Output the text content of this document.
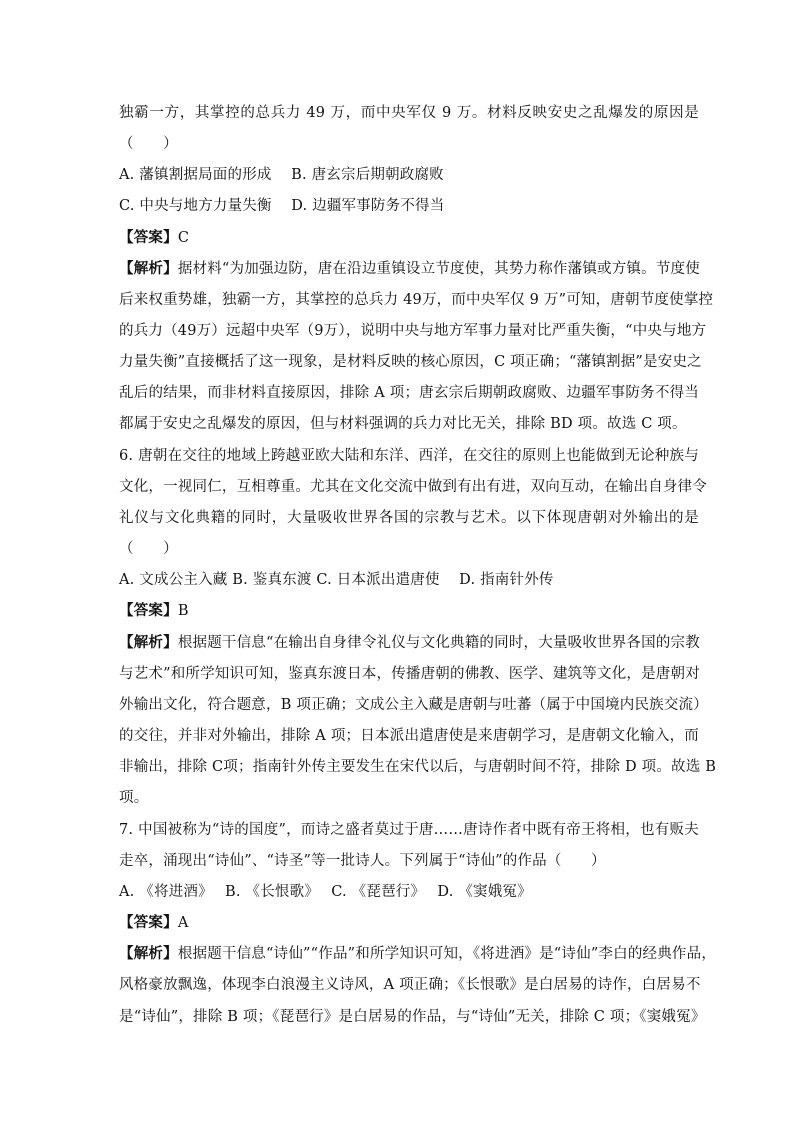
独霸一方，其掌控的总兵力 49 万，而中央军仅 9 万。材料反映安史之乱爆发的原因是
（　　）
A. 藩镇割据局面的形成　 B. 唐玄宗后期朝政腐败
C. 中央与地方力量失衡　 D. 边疆军事防务不得当
【答案】C
【解析】据材料“为加强边防，唐在沿边重镇设立节度使，其势力称作藩镇或方镇。节度使
后来权重势雄，独霸一方，其掌控的总兵力 49万，而中央军仅 9 万”可知，唐朝节度使掌控
的兵力（49万）远超中央军（9万），说明中央与地方军事力量对比严重失衡，“中央与地方
力量失衡”直接概括了这一现象，是材料反映的核心原因，C 项正确；“藩镇割据”是安史之
乱后的结果，而非材料直接原因，排除 A 项；唐玄宗后期朝政腐败、边疆军事防务不得当
都属于安史之乱爆发的原因，但与材料强调的兵力对比无关，排除 BD 项。故选 C 项。
6. 唐朝在交往的地域上跨越亚欧大陆和东洋、西洋，在交往的原则上也能做到无论种族与
文化，一视同仁，互相尊重。尤其在文化交流中做到有出有进，双向互动，在输出自身律令
礼仪与文化典籍的同时，大量吸收世界各国的宗教与艺术。以下体现唐朝对外输出的是
（　　）
A. 文成公主入藏 B. 鉴真东渡 C. 日本派出遣唐使　 D. 指南针外传
【答案】B
【解析】根据题干信息“在输出自身律令礼仪与文化典籍的同时，大量吸收世界各国的宗教
与艺术”和所学知识可知，鉴真东渡日本，传播唐朝的佛教、医学、建筑等文化，是唐朝对
外输出文化，符合题意，B 项正确；文成公主入藏是唐朝与吐蕃（属于中国境内民族交流）
的交往，并非对外输出，排除 A 项；日本派出遣唐使是来唐朝学习，是唐朝文化输入，而
非输出，排除 C项；指南针外传主要发生在宋代以后，与唐朝时间不符，排除 D 项。故选 B
项。
7. 中国被称为“诗的国度”，而诗之盛者莫过于唐……唐诗作者中既有帝王将相，也有贩夫
走卒，涌现出“诗仙”、“诗圣”等一批诗人。下列属于“诗仙”的作品（　　）
A. 《将进酒》　 B. 《长恨歌》　 C. 《琵琶行》　 D. 《窦娥冤》
【答案】A
【解析】根据题干信息“诗仙”“作品”和所学知识可知，《将进酒》是“诗仙”李白的经典作品，
风格豪放飘逸，体现李白浪漫主义诗风，A 项正确；《长恨歌》是白居易的诗作，白居易不
是“诗仙”，排除 B 项；《琵琶行》是白居易的作品，与“诗仙”无关，排除 C 项；《窦娥冤》
